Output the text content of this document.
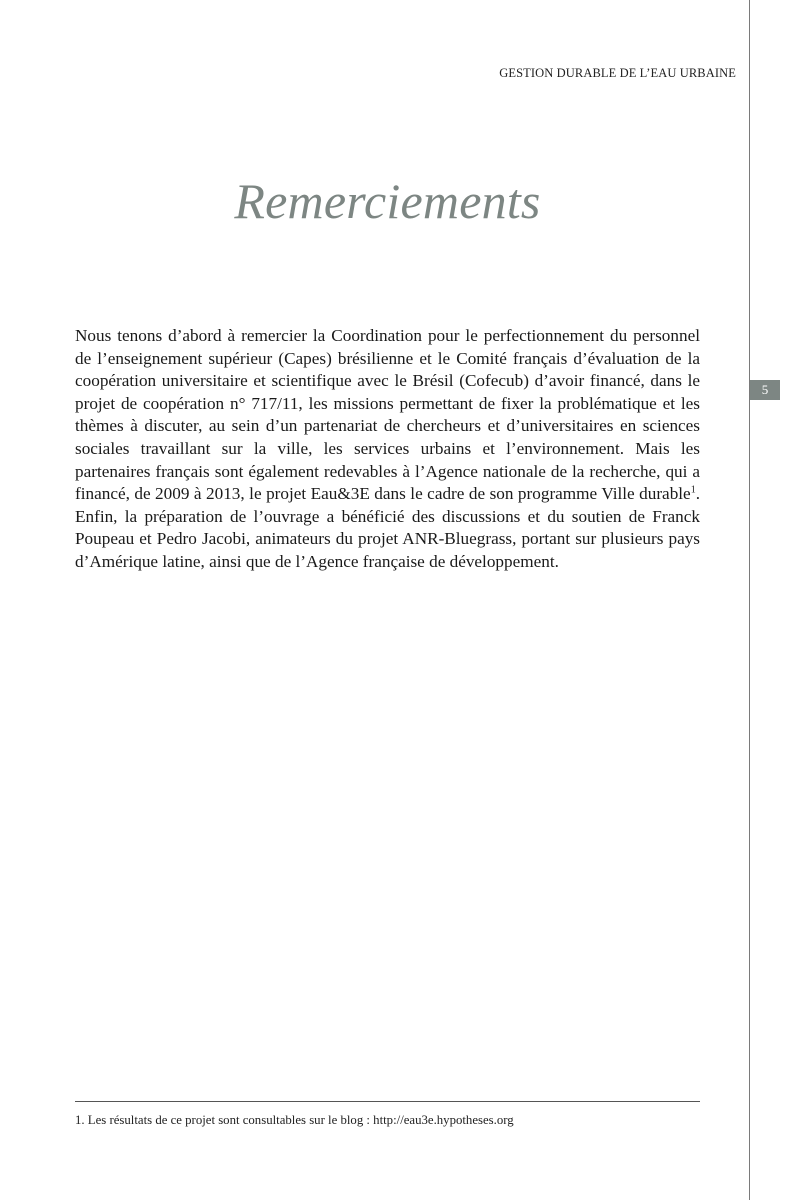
GESTION DURABLE DE L’EAU URBAINE
5
Remerciements

Nous tenons d’abord à remercier la Coordination pour le perfectionnement du personnel de l’enseignement supérieur (Capes) brésilienne et le Comité français d’évaluation de la coopération universitaire et scientifique avec le Brésil (Cofecub) d’avoir financé, dans le projet de coopération n° 717/11, les missions permettant de fixer la problématique et les thèmes à discuter, au sein d’un partenariat de chercheurs et d’universitaires en sciences sociales travaillant sur la ville, les services urbains et l’environnement. Mais les partenaires français sont également redevables à l’Agence nationale de la recherche, qui a financé, de 2009 à 2013, le projet Eau&3E dans le cadre de son programme Ville durable$^1$. Enfin, la préparation de l’ouvrage a bénéficié des discussions et du soutien de Franck Poupeau et Pedro Jacobi, animateurs du projet ANR-Bluegrass, portant sur plusieurs pays d’Amérique latine, ainsi que de l’Agence française de développement.

1. Les résultats de ce projet sont consultables sur le blog : http://eau3e.hypotheses.org
